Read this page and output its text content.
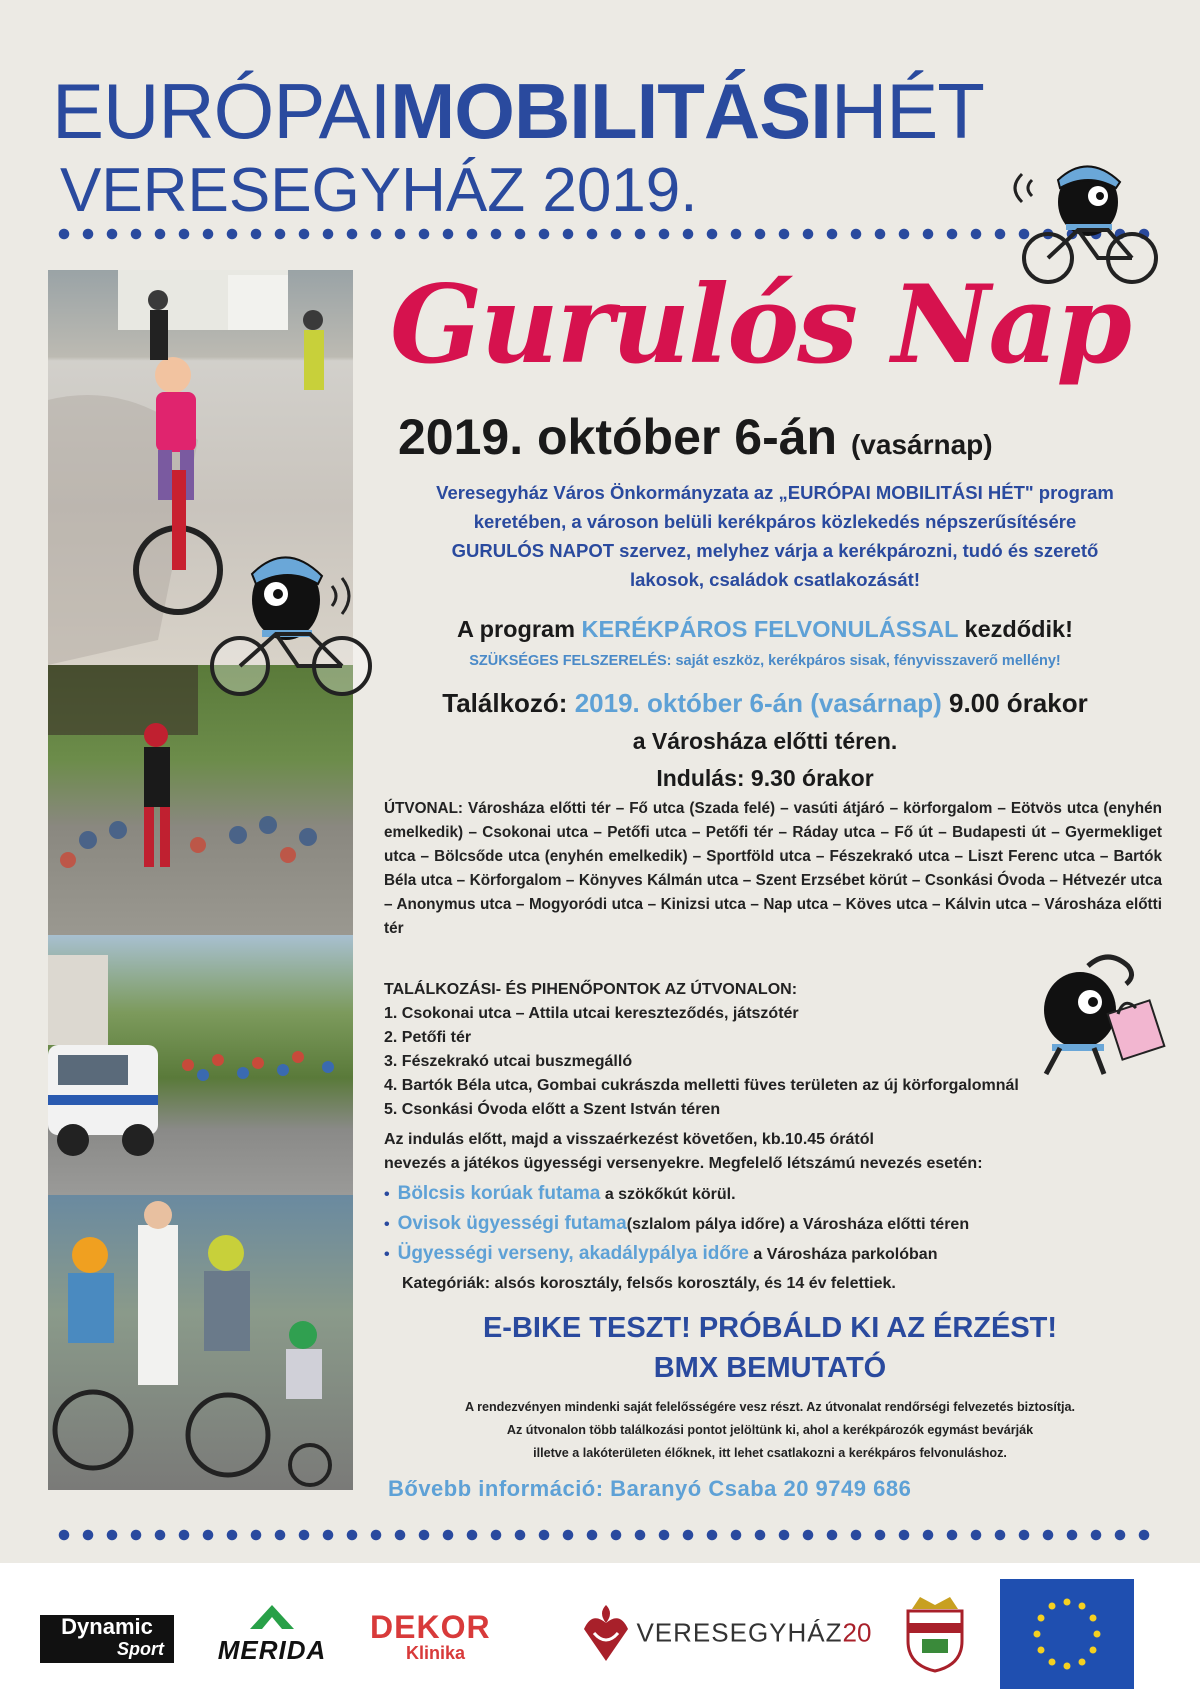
EURÓPAIMOBILITÁSIHÉT
VERESEGYHÁZ 2019.
Gurulós Nap
2019. október 6-án (vasárnap)
Veresegyház Város Önkormányzata az „EURÓPAI MOBILITÁSI HÉT" program
keretében, a városon belüli kerékpáros közlekedés népszerűsítésére
GURULÓS NAPOT szervez, melyhez várja a kerékpározni, tudó és szerető
lakosok, családok csatlakozását!
A program KERÉKPÁROS FELVONULÁSSAL kezdődik!
SZÜKSÉGES FELSZERELÉS: saját eszköz, kerékpáros sisak, fényvisszaverő mellény!
Találkozó: 2019. október 6-án (vasárnap) 9.00 órakor
a Városháza előtti téren.
Indulás: 9.30 órakor
ÚTVONAL: Városháza előtti tér – Fő utca (Szada felé) – vasúti átjáró – körforgalom – Eötvös utca (enyhén emelkedik) – Csokonai utca – Petőfi utca – Petőfi tér – Ráday utca – Fő út – Budapesti út – Gyermekliget utca – Bölcsőde utca (enyhén emelkedik) – Sportföld utca – Fészekrakó utca – Liszt Ferenc utca – Bartók Béla utca – Körforgalom – Könyves Kálmán utca – Szent Erzsébet körút – Csonkási Óvoda – Hétvezér utca – Anonymus utca – Mogyoródi utca – Kinizsi utca – Nap utca – Köves utca – Kálvin utca – Városháza előtti tér
TALÁLKOZÁSI- ÉS PIHENŐPONTOK AZ ÚTVONALON:
1. Csokonai utca – Attila utcai kereszteződés, játszótér
2. Petőfi tér
3. Fészekrakó utcai buszmegálló
4. Bartók Béla utca, Gombai cukrászda melletti füves területen az új körforgalomnál
5. Csonkási Óvoda előtt a Szent István téren
Az indulás előtt, majd a visszaérkezést követően, kb.10.45 órától
nevezés a játékos ügyességi versenyekre. Megfelelő létszámú nevezés esetén:
• Bölcsis korúak futama a szökőkút körül.
• Ovisok ügyességi futama(szlalom pálya időre) a Városháza előtti téren
• Ügyességi verseny, akadálypálya időre a Városháza parkolóban
Kategóriák: alsós korosztály, felsős korosztály, és 14 év felettiek.
E-BIKE TESZT! PRÓBÁLD KI AZ ÉRZÉST!
BMX BEMUTATÓ
A rendezvényen mindenki saját felelősségére vesz részt. Az útvonalat rendőrségi felvezetés biztosítja.
Az útvonalon több találkozási pontot jelöltünk ki, ahol a kerékpározók egymást bevárják
illetve a lakóterületen élőknek, itt lehet csatlakozni a kerékpáros felvonuláshoz.
Bővebb információ: Baranyó Csaba 20 9749 686
Dynamic
Sport	MERIDA
DEKOR
Klinika
VERESEGYHÁZ20
